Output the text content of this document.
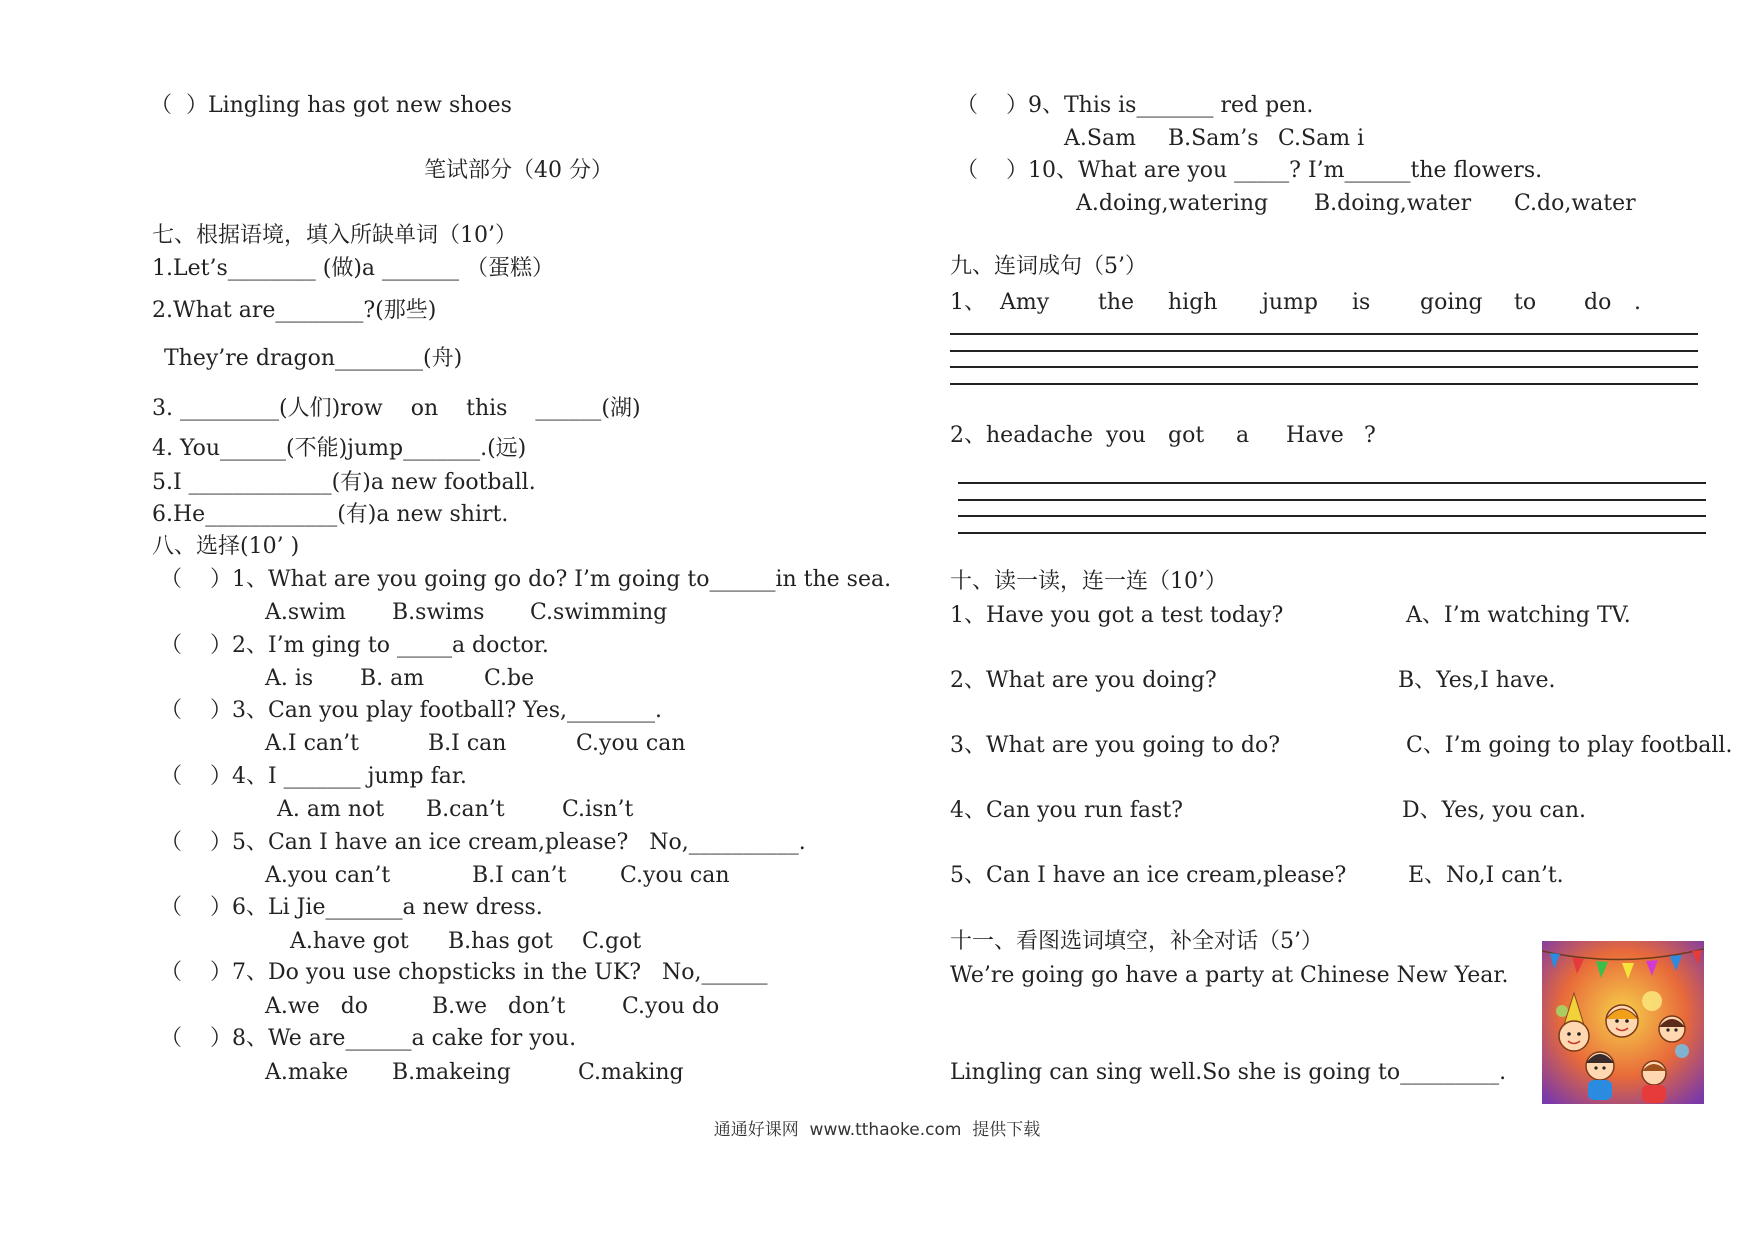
（  ）Lingling has got new shoes
笔试部分（40 分）
七、根据语境，填入所缺单词（10’）
1.Let’s________ (做)a _______ （蛋糕）
2.What are________?(那些)
They’re dragon________(舟)
3. _________(人们)row    on    this    ______(湖)
4. You______(不能)jump_______.(远)
5.I _____________(有)a new football.
6.He____________(有)a new shirt.
八、选择(10’ )
（    ）1、What are you going go do? I’m going to______in the sea.
A.swim B.swims C.swimming
（    ）2、I’m ging to _____a doctor.
A. is B. am	C.be
（    ）3、Can you play football? Yes,________.
A.I can’t	B.I can	C.you can
（    ）4、I _______ jump far.
A. am not B.can’t	C.isn’t
（    ）5、Can I have an ice cream,please?   No,__________.
A.you can’t	B.I can’t C.you can
（    ）6、Li Jie_______a new dress.
A.have got B.has got C.got
（    ）7、Do you use chopsticks in the UK?   No,______
A.we   do	B.we   don’t	C.you do
（    ）8、We are______a cake for you.
A.make B.makeing	C.making
（    ）9、This is_______ red pen.
A.Sam B.Sam’s C.Sam i
（    ）10、What are you _____? I’m______the flowers.
A.doing,watering B.doing,water C.do,water
九、连词成句（5’）
1、 Amy the high jump is going to do .
2、 headache you got a Have ?
十、读一读，连一连（10’）
1、Have you got a test today?	A、I’m watching TV.
2、What are you doing?	B、Yes,I have.
3、What are you going to do?	C、I’m going to play football.
4、Can you run fast?	D、Yes, you can.
5、Can I have an ice cream,please?	E、No,I can’t.
十一、看图选词填空，补全对话（5’）
We’re going go have a party at Chinese New Year.
Lingling can sing well.So she is going to_________.
通通好课网  www.tthaoke.com  提供下载
